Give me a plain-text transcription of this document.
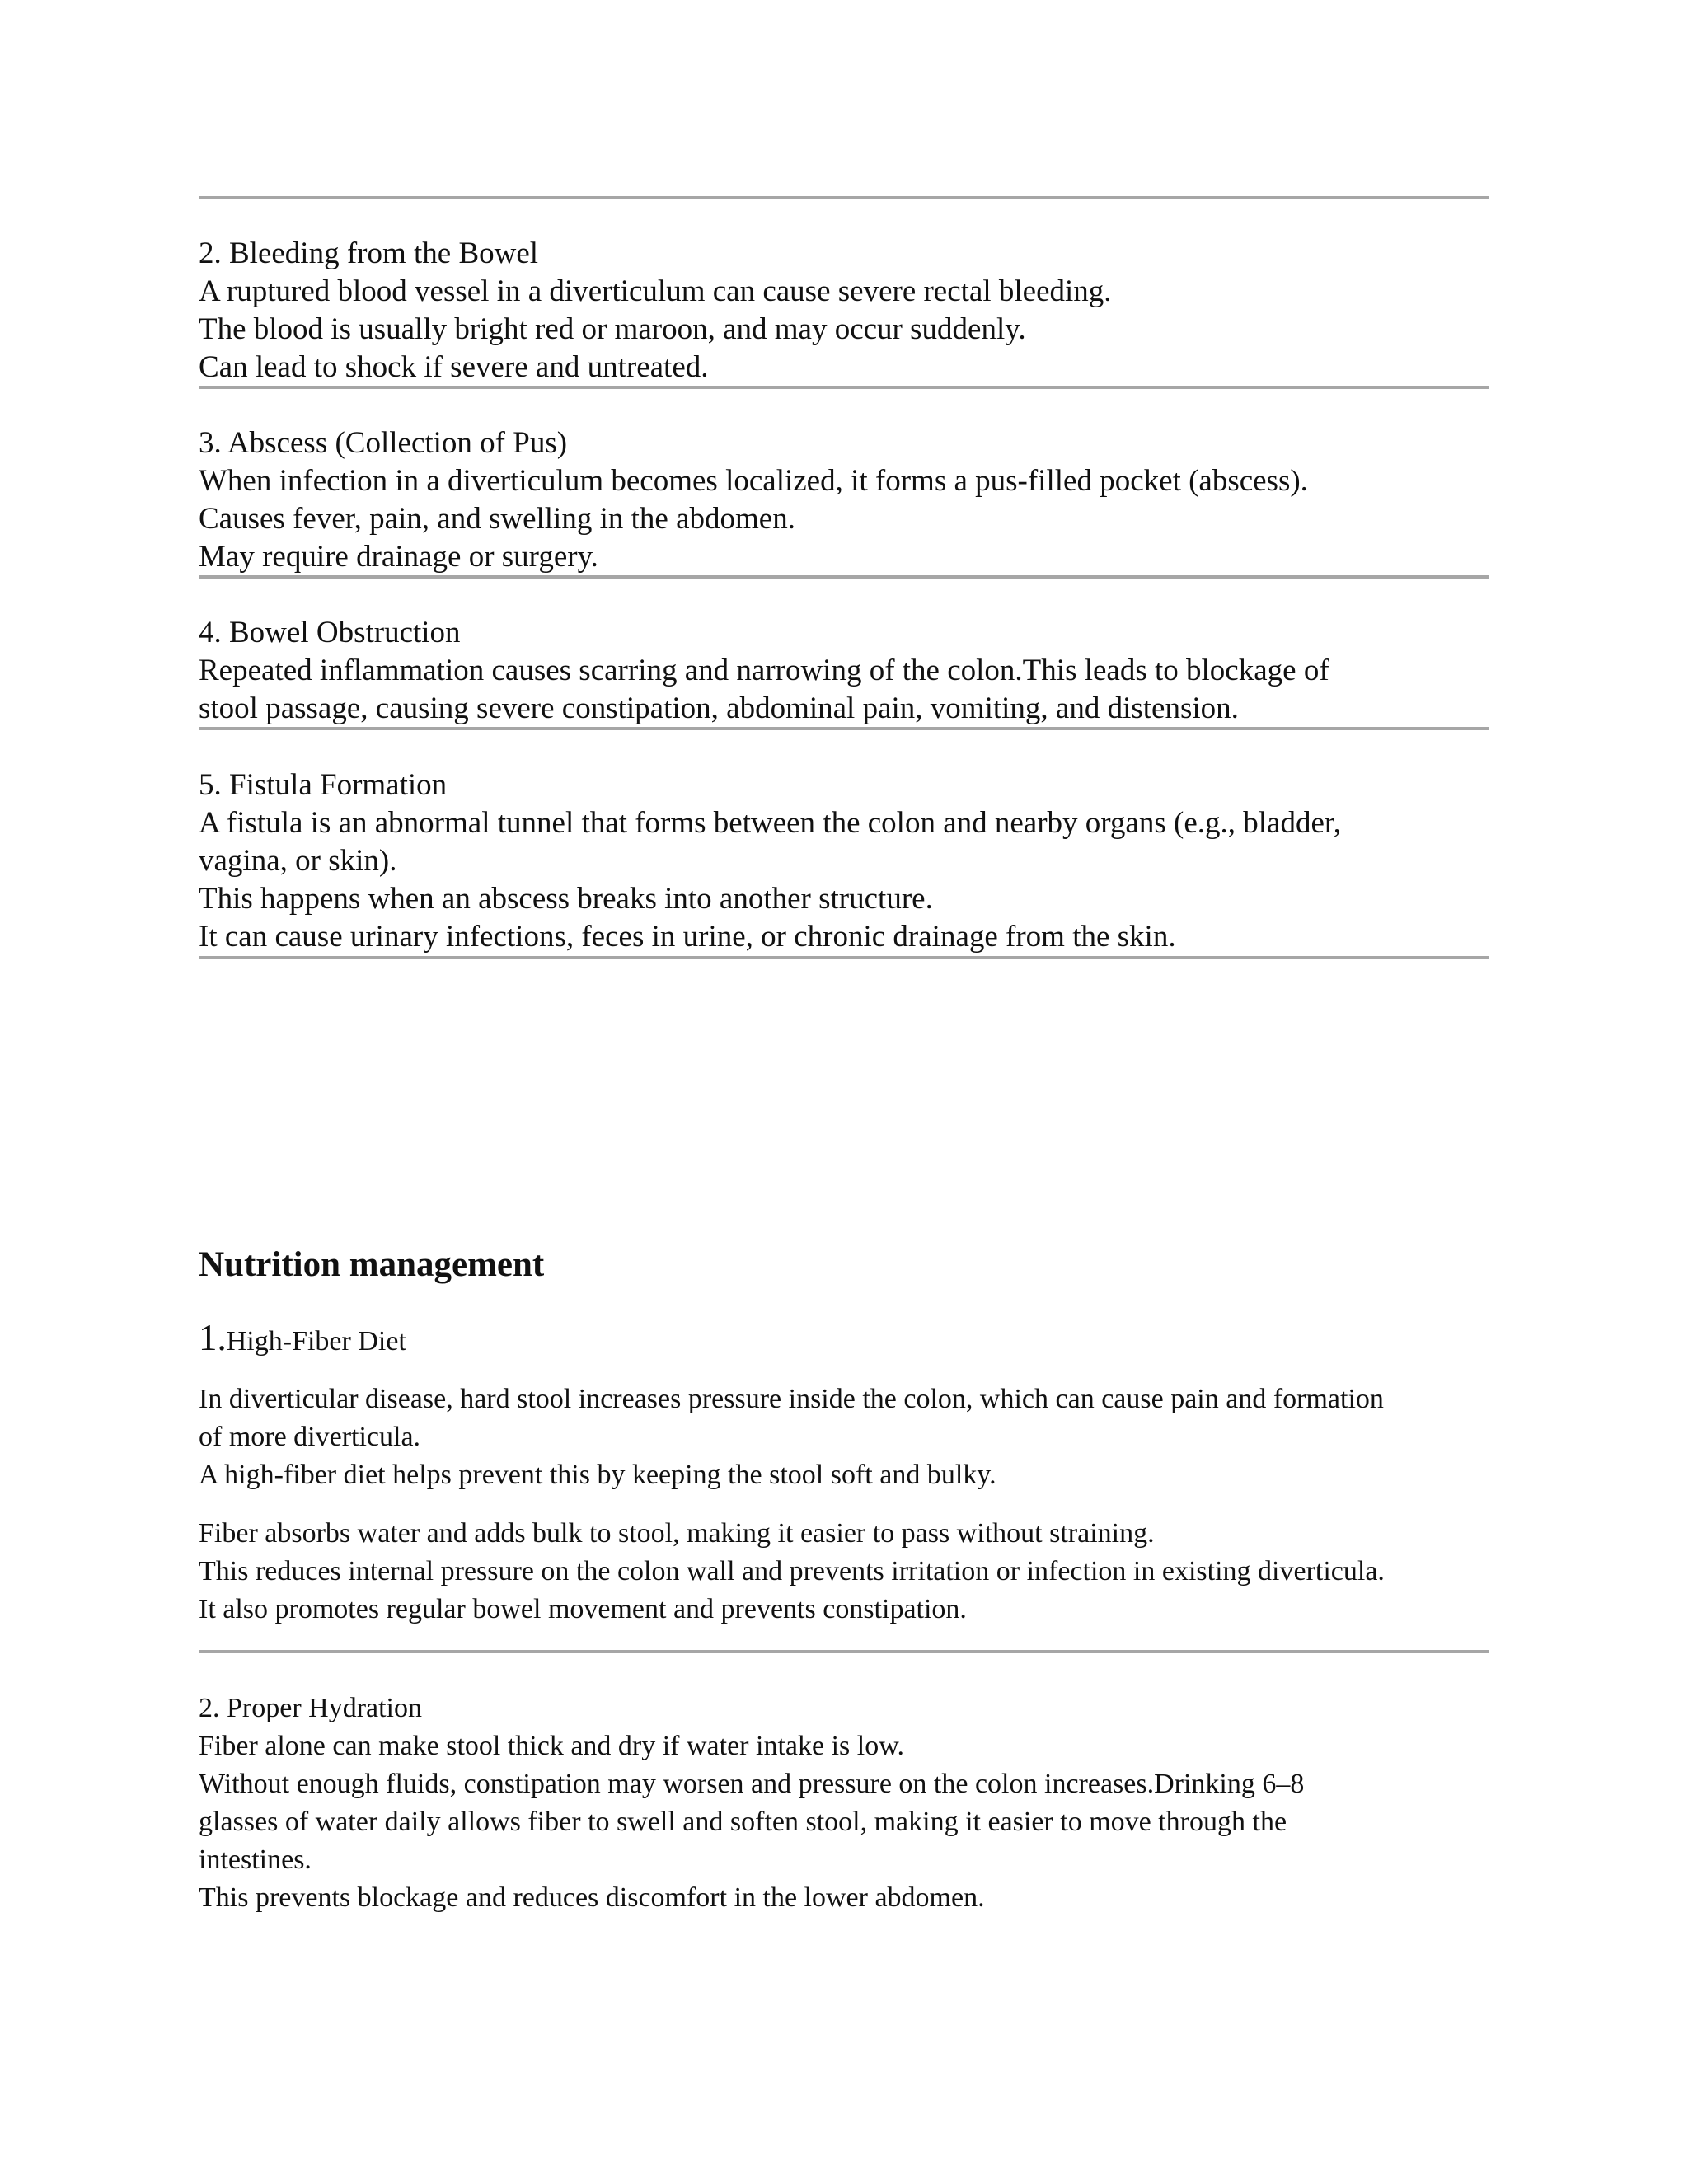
2. Bleeding from the Bowel

A ruptured blood vessel in a diverticulum can cause severe rectal bleeding.

The blood is usually bright red or maroon, and may occur suddenly.

Can lead to shock if severe and untreated.

3. Abscess (Collection of Pus)

When infection in a diverticulum becomes localized, it forms a pus-filled pocket (abscess).

Causes fever, pain, and swelling in the abdomen.

May require drainage or surgery.

4. Bowel Obstruction

Repeated inflammation causes scarring and narrowing of the colon.This leads to blockage of

stool passage, causing severe constipation, abdominal pain, vomiting, and distension.

5. Fistula Formation

A fistula is an abnormal tunnel that forms between the colon and nearby organs (e.g., bladder,

vagina, or skin).

This happens when an abscess breaks into another structure.

It can cause urinary infections, feces in urine, or chronic drainage from the skin.

Nutrition management

1.High-Fiber Diet

In diverticular disease, hard stool increases pressure inside the colon, which can cause pain and formation

of more diverticula.

A high-fiber diet helps prevent this by keeping the stool soft and bulky.

Fiber absorbs water and adds bulk to stool, making it easier to pass without straining.

This reduces internal pressure on the colon wall and prevents irritation or infection in existing diverticula.

It also promotes regular bowel movement and prevents constipation.

2. Proper Hydration

Fiber alone can make stool thick and dry if water intake is low.

Without enough fluids, constipation may worsen and pressure on the colon increases.Drinking 6–8

glasses of water daily allows fiber to swell and soften stool, making it easier to move through the

intestines.

This prevents blockage and reduces discomfort in the lower abdomen.
